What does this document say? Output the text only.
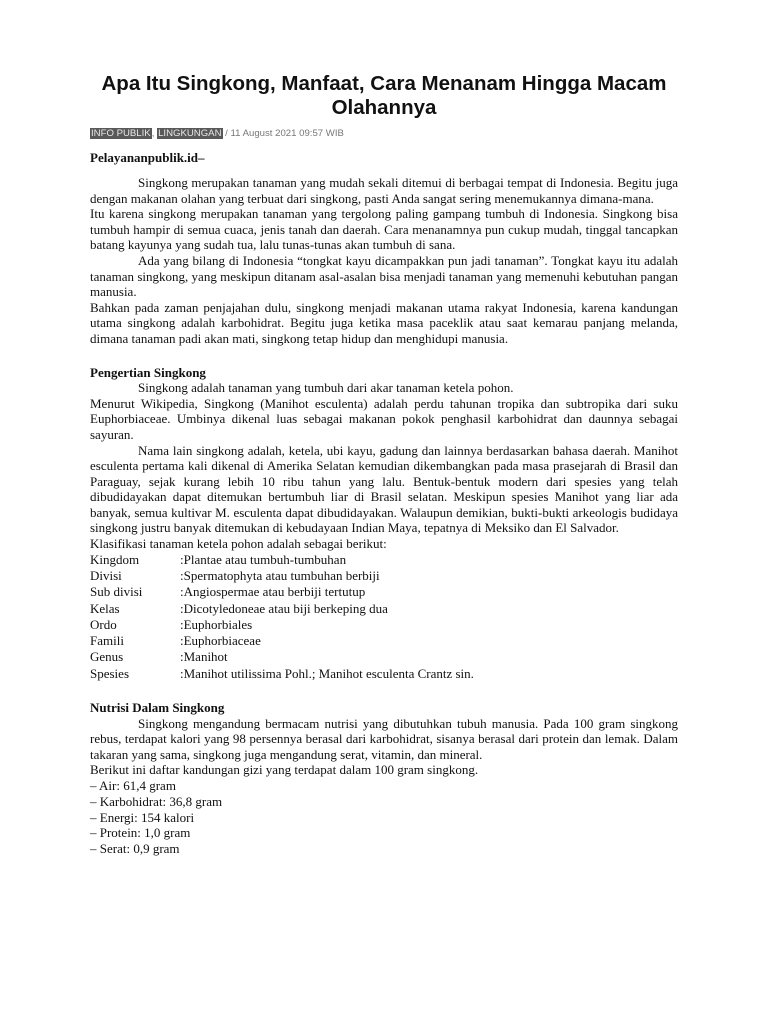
Apa Itu Singkong, Manfaat, Cara Menanam Hingga Macam Olahannya
INFO PUBLIK, LINGKUNGAN / 11 August 2021 09:57 WIB
Pelayananpublik.id–

Singkong merupakan tanaman yang mudah sekali ditemui di berbagai tempat di Indonesia. Begitu juga dengan makanan olahan yang terbuat dari singkong, pasti Anda sangat sering menemukannya dimana-mana.

Itu karena singkong merupakan tanaman yang tergolong paling gampang tumbuh di Indonesia. Singkong bisa tumbuh hampir di semua cuaca, jenis tanah dan daerah. Cara menanamnya pun cukup mudah, tinggal tancapkan batang kayunya yang sudah tua, lalu tunas-tunas akan tumbuh di sana.

Ada yang bilang di Indonesia “tongkat kayu dicampakkan pun jadi tanaman”. Tongkat kayu itu adalah tanaman singkong, yang meskipun ditanam asal-asalan bisa menjadi tanaman yang memenuhi kebutuhan pangan manusia.

Bahkan pada zaman penjajahan dulu, singkong menjadi makanan utama rakyat Indonesia, karena kandungan utama singkong adalah karbohidrat. Begitu juga ketika masa paceklik atau saat kemarau panjang melanda, dimana tanaman padi akan mati, singkong tetap hidup dan menghidupi manusia.

Pengertian Singkong

Singkong adalah tanaman yang tumbuh dari akar tanaman ketela pohon.

Menurut Wikipedia, Singkong (Manihot esculenta) adalah perdu tahunan tropika dan subtropika dari suku Euphorbiaceae. Umbinya dikenal luas sebagai makanan pokok penghasil karbohidrat dan daunnya sebagai sayuran.

Nama lain singkong adalah, ketela, ubi kayu, gadung dan lainnya berdasarkan bahasa daerah. Manihot esculenta pertama kali dikenal di Amerika Selatan kemudian dikembangkan pada masa prasejarah di Brasil dan Paraguay, sejak kurang lebih 10 ribu tahun yang lalu. Bentuk-bentuk modern dari spesies yang telah dibudidayakan dapat ditemukan bertumbuh liar di Brasil selatan. Meskipun spesies Manihot yang liar ada banyak, semua kultivar M. esculenta dapat dibudidayakan. Walaupun demikian, bukti-bukti arkeologis budidaya singkong justru banyak ditemukan di kebudayaan Indian Maya, tepatnya di Meksiko dan El Salvador.

Klasifikasi tanaman ketela pohon adalah sebagai berikut:

Kingdom	:Plantae atau tumbuh-tumbuhan
Divisi	:Spermatophyta atau tumbuhan berbiji
Sub divisi	:Angiospermae atau berbiji tertutup
Kelas	:Dicotyledoneae atau biji berkeping dua
Ordo	:Euphorbiales
Famili	:Euphorbiaceae
Genus	:Manihot
Spesies	:Manihot utilissima Pohl.; Manihot esculenta Crantz sin.
Nutrisi Dalam Singkong

Singkong mengandung bermacam nutrisi yang dibutuhkan tubuh manusia. Pada 100 gram singkong rebus, terdapat kalori yang 98 persennya berasal dari karbohidrat, sisanya berasal dari protein dan lemak. Dalam takaran yang sama, singkong juga mengandung serat, vitamin, dan mineral.

Berikut ini daftar kandungan gizi yang terdapat dalam 100 gram singkong.

– Air: 61,4 gram
– Karbohidrat: 36,8 gram
– Energi: 154 kalori
– Protein: 1,0 gram
– Serat: 0,9 gram
